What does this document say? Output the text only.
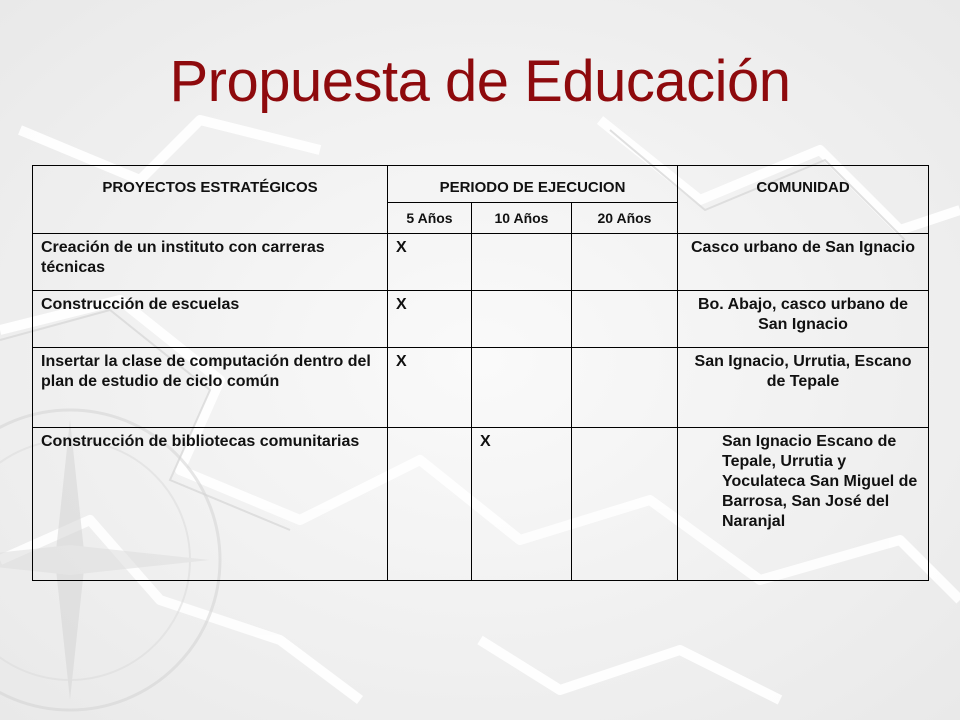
Propuesta de Educación
PROYECTOS ESTRATÉGICOS	PERIODO DE EJECUCION			COMUNIDAD
	5 Años	10 Años	20 Años	
Creación de un instituto con carreras técnicas	X			Casco urbano de San Ignacio
Construcción de escuelas	X			Bo. Abajo, casco urbano de San Ignacio
Insertar la clase de computación dentro del plan de estudio de ciclo común	X			San Ignacio, Urrutia, Escano de Tepale
Construcción de bibliotecas comunitarias		X		San Ignacio Escano de Tepale, Urrutia y Yoculateca San Miguel de Barrosa, San José del Naranjal
